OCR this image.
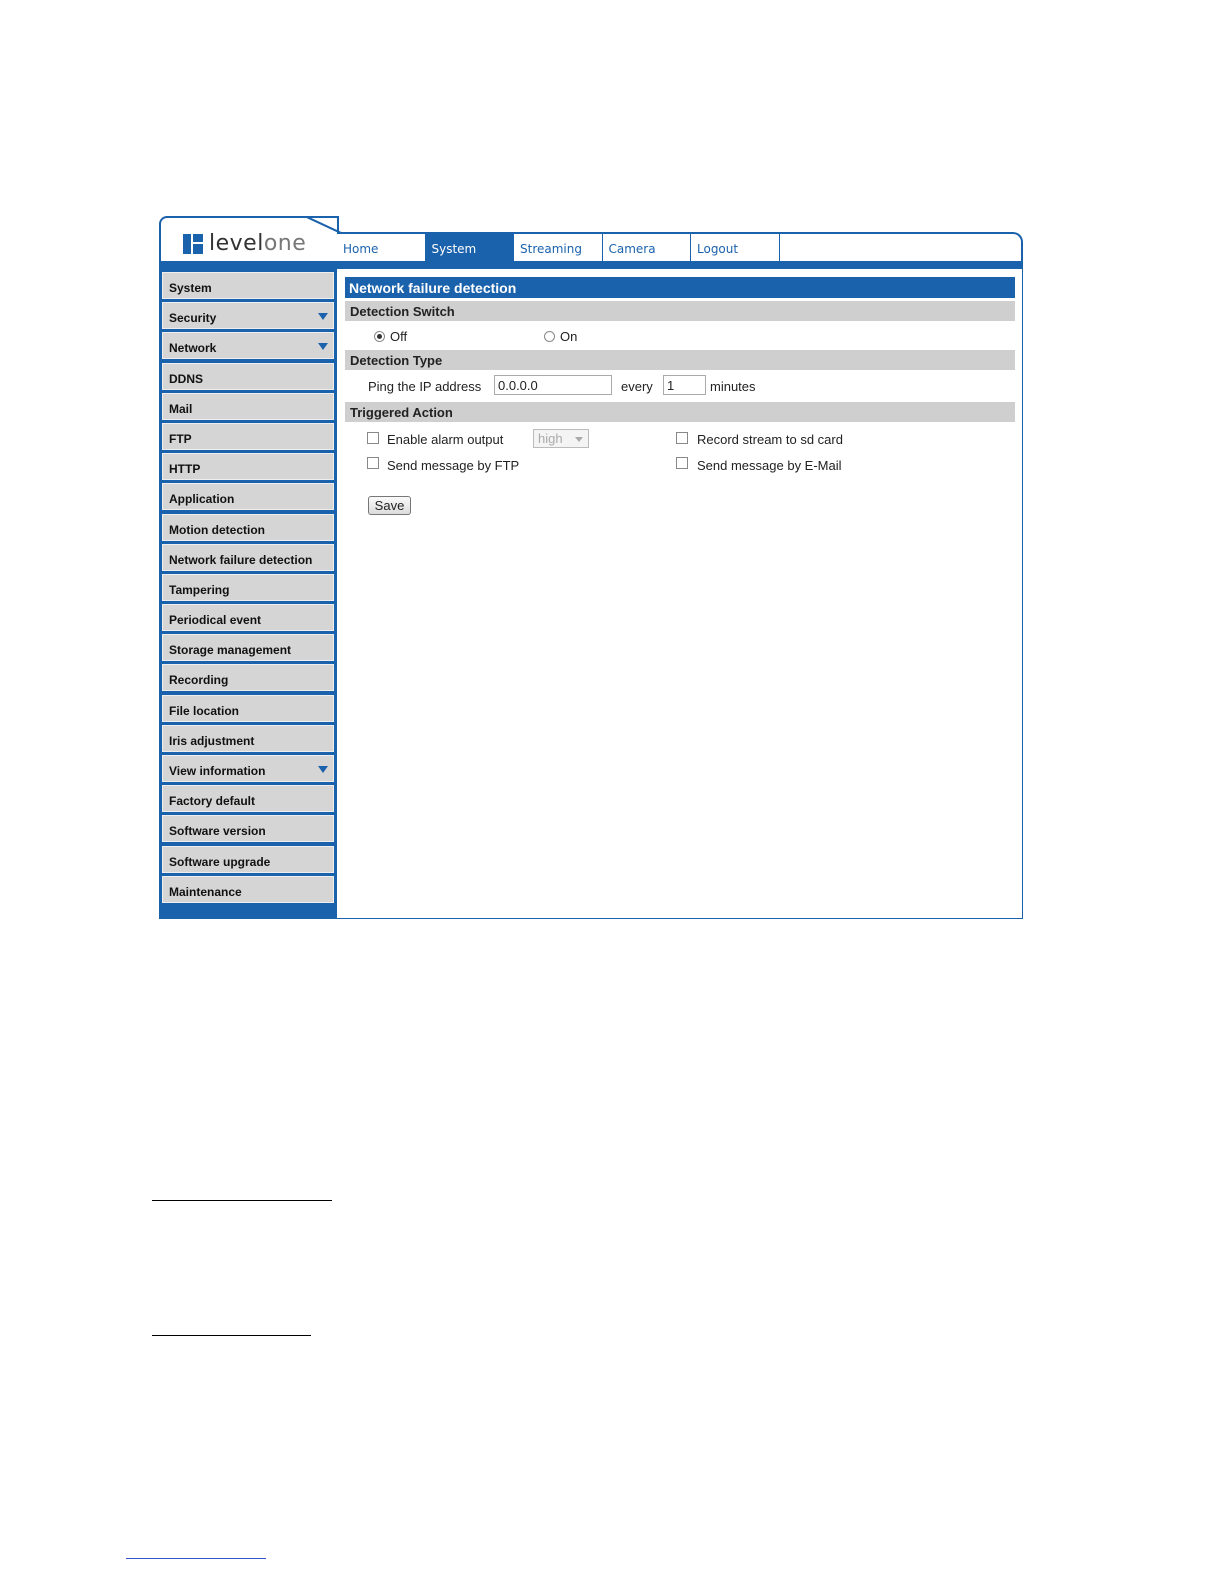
levelone	Home	System	Streaming	Camera	Logout
System
Security
Network
DDNS
Mail
FTP
HTTP
Application
Motion detection
Network failure detection
Tampering
Periodical event
Storage management
Recording
File location
Iris adjustment
View information
Factory default
Software version
Software upgrade
Maintenance
Network failure detection
Detection Switch
Off	On
Detection Type
Ping the IP address	0.0.0.0	every	1	minutes
Triggered Action
Enable alarm output	high	Record stream to sd card
Send message by FTP	Send message by E-Mail
Save
